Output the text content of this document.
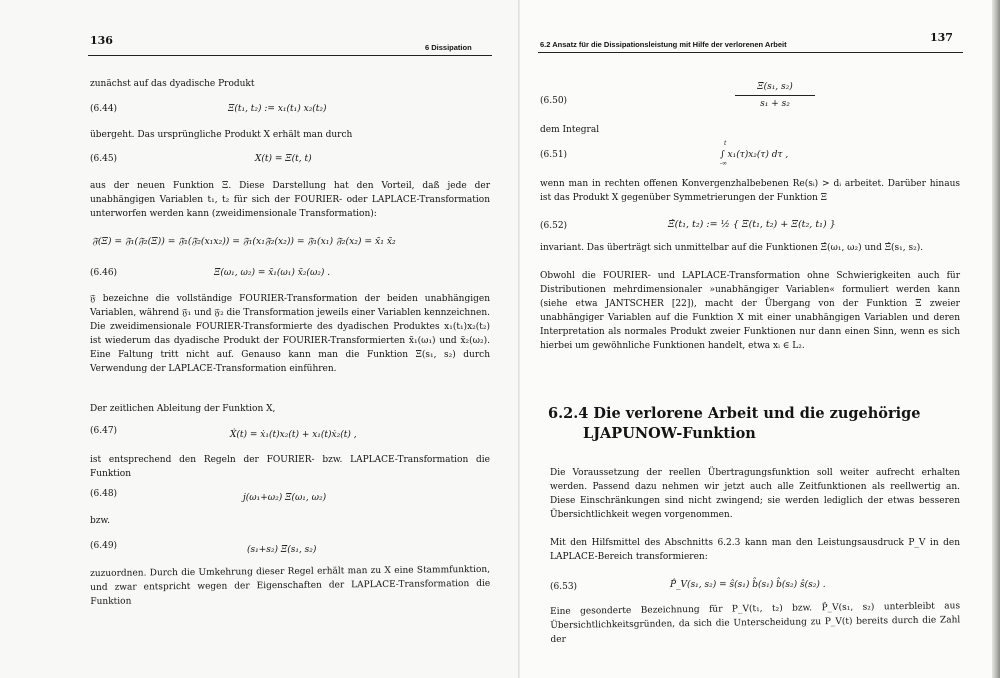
136
6 Dissipation
zunächst auf das dyadische Produkt
(6.44)	Ξ(t₁, t₂) := x₁(t₁) x₂(t₂)
übergeht. Das ursprüngliche Produkt X erhält man durch
(6.45)	X(t) = Ξ(t, t)
aus der neuen Funktion Ξ. Diese Darstellung hat den Vorteil, daß jede der unabhängigen Variablen t₁, t₂ für sich der FOURIER- oder LAPLACE-Transformation unterworfen werden kann (zweidimensionale Transformation):
𝔉(Ξ) = 𝔉₁(𝔉₂(Ξ)) = 𝔉₁(𝔉₂(x₁x₂)) = 𝔉₁(x₁𝔉₂(x₂)) = 𝔉₁(x₁) 𝔉₂(x₂) = x̃₁ x̃₂
(6.46)	Ξ̃(ω₁, ω₂) = x̃₁(ω₁) x̃₂(ω₂) .
𝔉 bezeichne die vollständige FOURIER-Transformation der beiden unabhängigen Variablen, während 𝔉₁ und 𝔉₂ die Transformation jeweils einer Variablen kennzeichnen. Die zweidimensionale FOURIER-Transformierte des dyadischen Produktes x₁(t₁)x₂(t₂) ist wiederum das dyadische Produkt der FOURIER-Transformierten x̃₁(ω₁) und x̃₂(ω₂). Eine Faltung tritt nicht auf. Genauso kann man die Funktion Ξ̃(s₁, s₂) durch Verwendung der LAPLACE-Transformation einführen.
Der zeitlichen Ableitung der Funktion X,
(6.47)	Ẋ(t) = ẋ₁(t)x₂(t) + x₁(t)ẋ₂(t) ,
ist entsprechend den Regeln der FOURIER- bzw. LAPLACE-Transformation die Funktion
(6.48)	j(ω₁+ω₂) Ξ̃(ω₁, ω₂)
bzw.
(6.49)	(s₁+s₂) Ξ̃(s₁, s₂)
zuzuordnen. Durch die Umkehrung dieser Regel erhält man zu X eine Stammfunktion, und zwar entspricht wegen der Eigenschaften der LAPLACE-Transformation die Funktion
6.2 Ansatz für die Dissipationsleistung mit Hilfe der verlorenen Arbeit
137
(6.50)
Ξ̃(s₁, s₂)
s₁ + s₂
dem Integral
(6.51)
t
-∞
∫ x₁(τ)x₂(τ) dτ ,
wenn man in rechten offenen Konvergenzhalbebenen Re(sᵢ) > dᵢ arbeitet. Darüber hinaus ist das Produkt X gegenüber Symmetrierungen der Funktion Ξ
(6.52)	Ξ̂(t₁, t₂) := ½ { Ξ(t₁, t₂) + Ξ(t₂, t₁) }
invariant. Das überträgt sich unmittelbar auf die Funktionen Ξ̂(ω₁, ω₂) und Ξ̂(s₁, s₂).
Obwohl die FOURIER- und LAPLACE-Transformation ohne Schwierigkeiten auch für Distributionen mehrdimensionaler »unabhängiger Variablen« formuliert werden kann (siehe etwa JANTSCHER [22]), macht der Übergang von der Funktion Ξ zweier unabhängiger Variablen auf die Funktion X mit einer unabhängigen Variablen und deren Interpretation als normales Produkt zweier Funktionen nur dann einen Sinn, wenn es sich hierbei um gewöhnliche Funktionen handelt, etwa xᵢ ∈ L₂.
6.2.4 Die verlorene Arbeit und die zugehörige
LJAPUNOW-Funktion
Die Voraussetzung der reellen Übertragungsfunktion soll weiter aufrecht erhalten werden. Passend dazu nehmen wir jetzt auch alle Zeitfunktionen als reellwertig an. Diese Einschränkungen sind nicht zwingend; sie werden lediglich der etwas besseren Übersichtlichkeit wegen vorgenommen.
Mit den Hilfsmittel des Abschnitts 6.2.3 kann man den Leistungsausdruck P_V in den LAPLACE-Bereich transformieren:
(6.53)	P̂_V(s₁, s₂) = ŝ(s₁) b̂(s₁) b̂(s₂) ŝ(s₂) .
Eine gesonderte Bezeichnung für P_V(t₁, t₂) bzw. P̂_V(s₁, s₂) unterbleibt aus Übersichtlichkeitsgründen, da sich die Unterscheidung zu P_V(t) bereits durch die Zahl der
